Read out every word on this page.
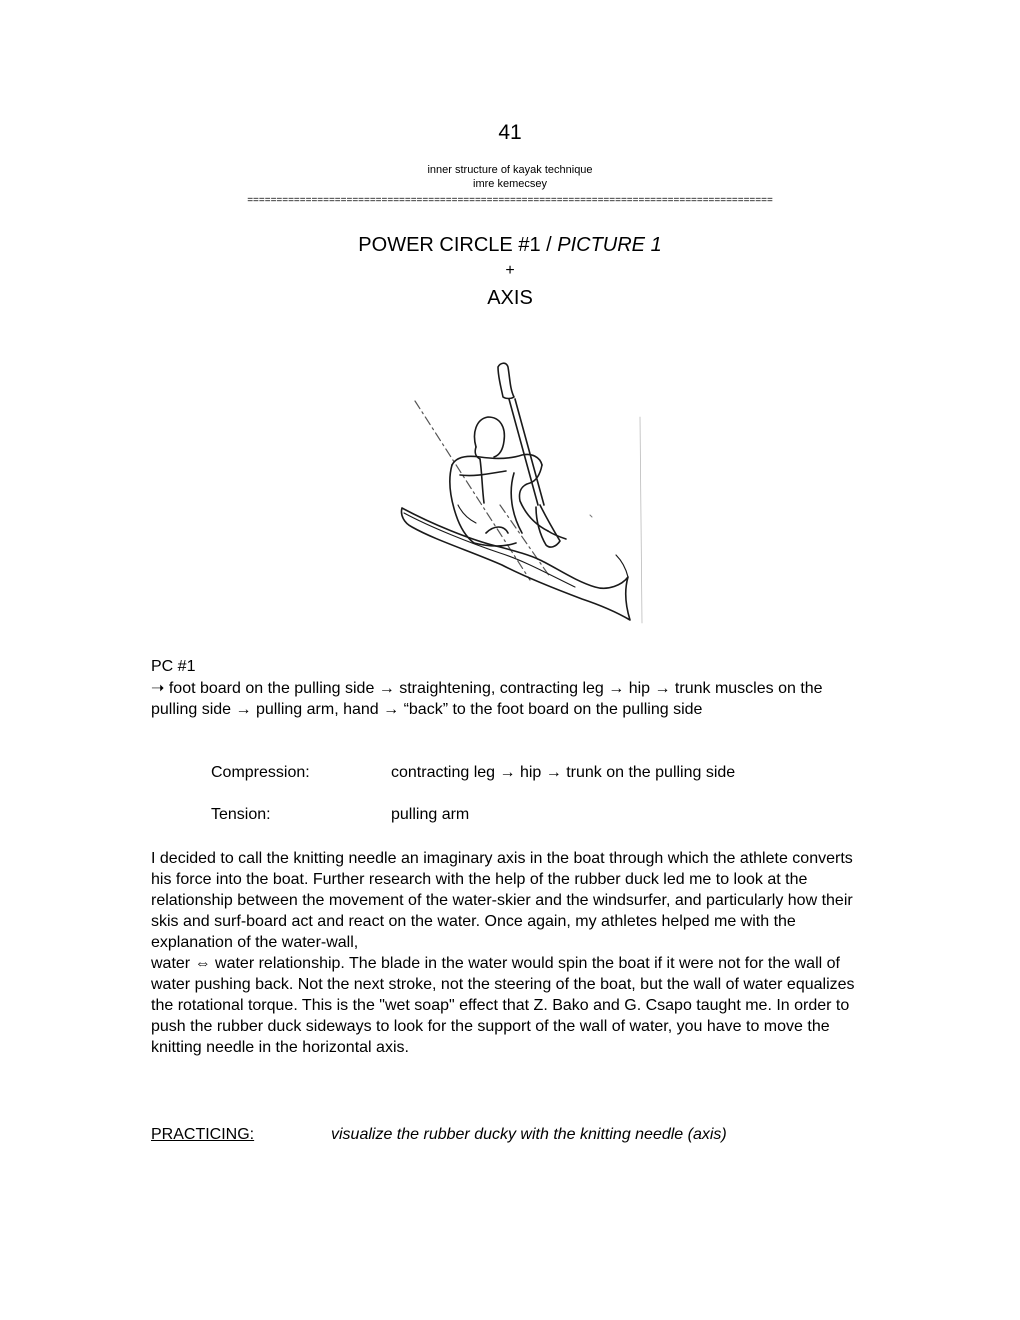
41
inner structure of kayak technique
imre kemecsey
==========================================================================================
POWER CIRCLE #1 / PICTURE 1
+
AXIS
PC #1
➝ foot board on the pulling side → straightening, contracting leg → hip → trunk muscles on the pulling side → pulling arm, hand → “back” to the foot board on the pulling side
Compression:	contracting leg → hip → trunk on the pulling side
Tension:	pulling arm
I decided to call the knitting needle an imaginary axis in the boat through which the athlete converts his force into the boat. Further research with the help of the rubber duck led me to look at the relationship between the movement of the water-skier and the windsurfer, and particularly how their skis and surf-board act and react on the water. Once again, my athletes helped me with the explanation of the water-wall,
water ⇔ water relationship. The blade in the water would spin the boat if it were not for the wall of water pushing back. Not the next stroke, not the steering of the boat, but the wall of water equalizes the rotational torque. This is the "wet soap" effect that Z. Bako and G. Csapo taught me. In order to push the rubber duck sideways to look for the support of the wall of water, you have to move the knitting needle in the horizontal axis.
PRACTICING:	visualize the rubber ducky with the knitting needle (axis)
